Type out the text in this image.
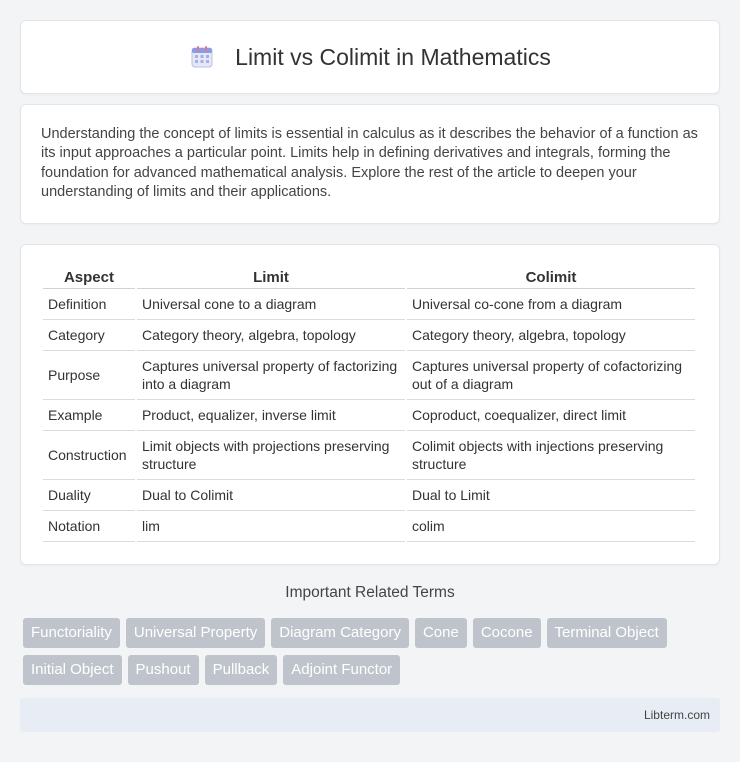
Limit vs Colimit in Mathematics

Understanding the concept of limits is essential in calculus as it describes the behavior of a function as its input approaches a particular point. Limits help in defining derivatives and integrals, forming the foundation for advanced mathematical analysis. Explore the rest of the article to deepen your understanding of limits and their applications.

Aspect	Limit	Colimit
Definition	Universal cone to a diagram	Universal co-cone from a diagram
Category	Category theory, algebra, topology	Category theory, algebra, topology
Purpose	Captures universal property of factorizing into a diagram	Captures universal property of cofactorizing out of a diagram
Example	Product, equalizer, inverse limit	Coproduct, coequalizer, direct limit
Construction	Limit objects with projections preserving structure	Colimit objects with injections preserving structure
Duality	Dual to Colimit	Dual to Limit
Notation	lim	colim
Important Related Terms
Functoriality	Universal Property	Diagram Category	Cone	Cocone	Terminal Object
Initial Object	Pushout	Pullback	Adjoint Functor
Libterm.com
